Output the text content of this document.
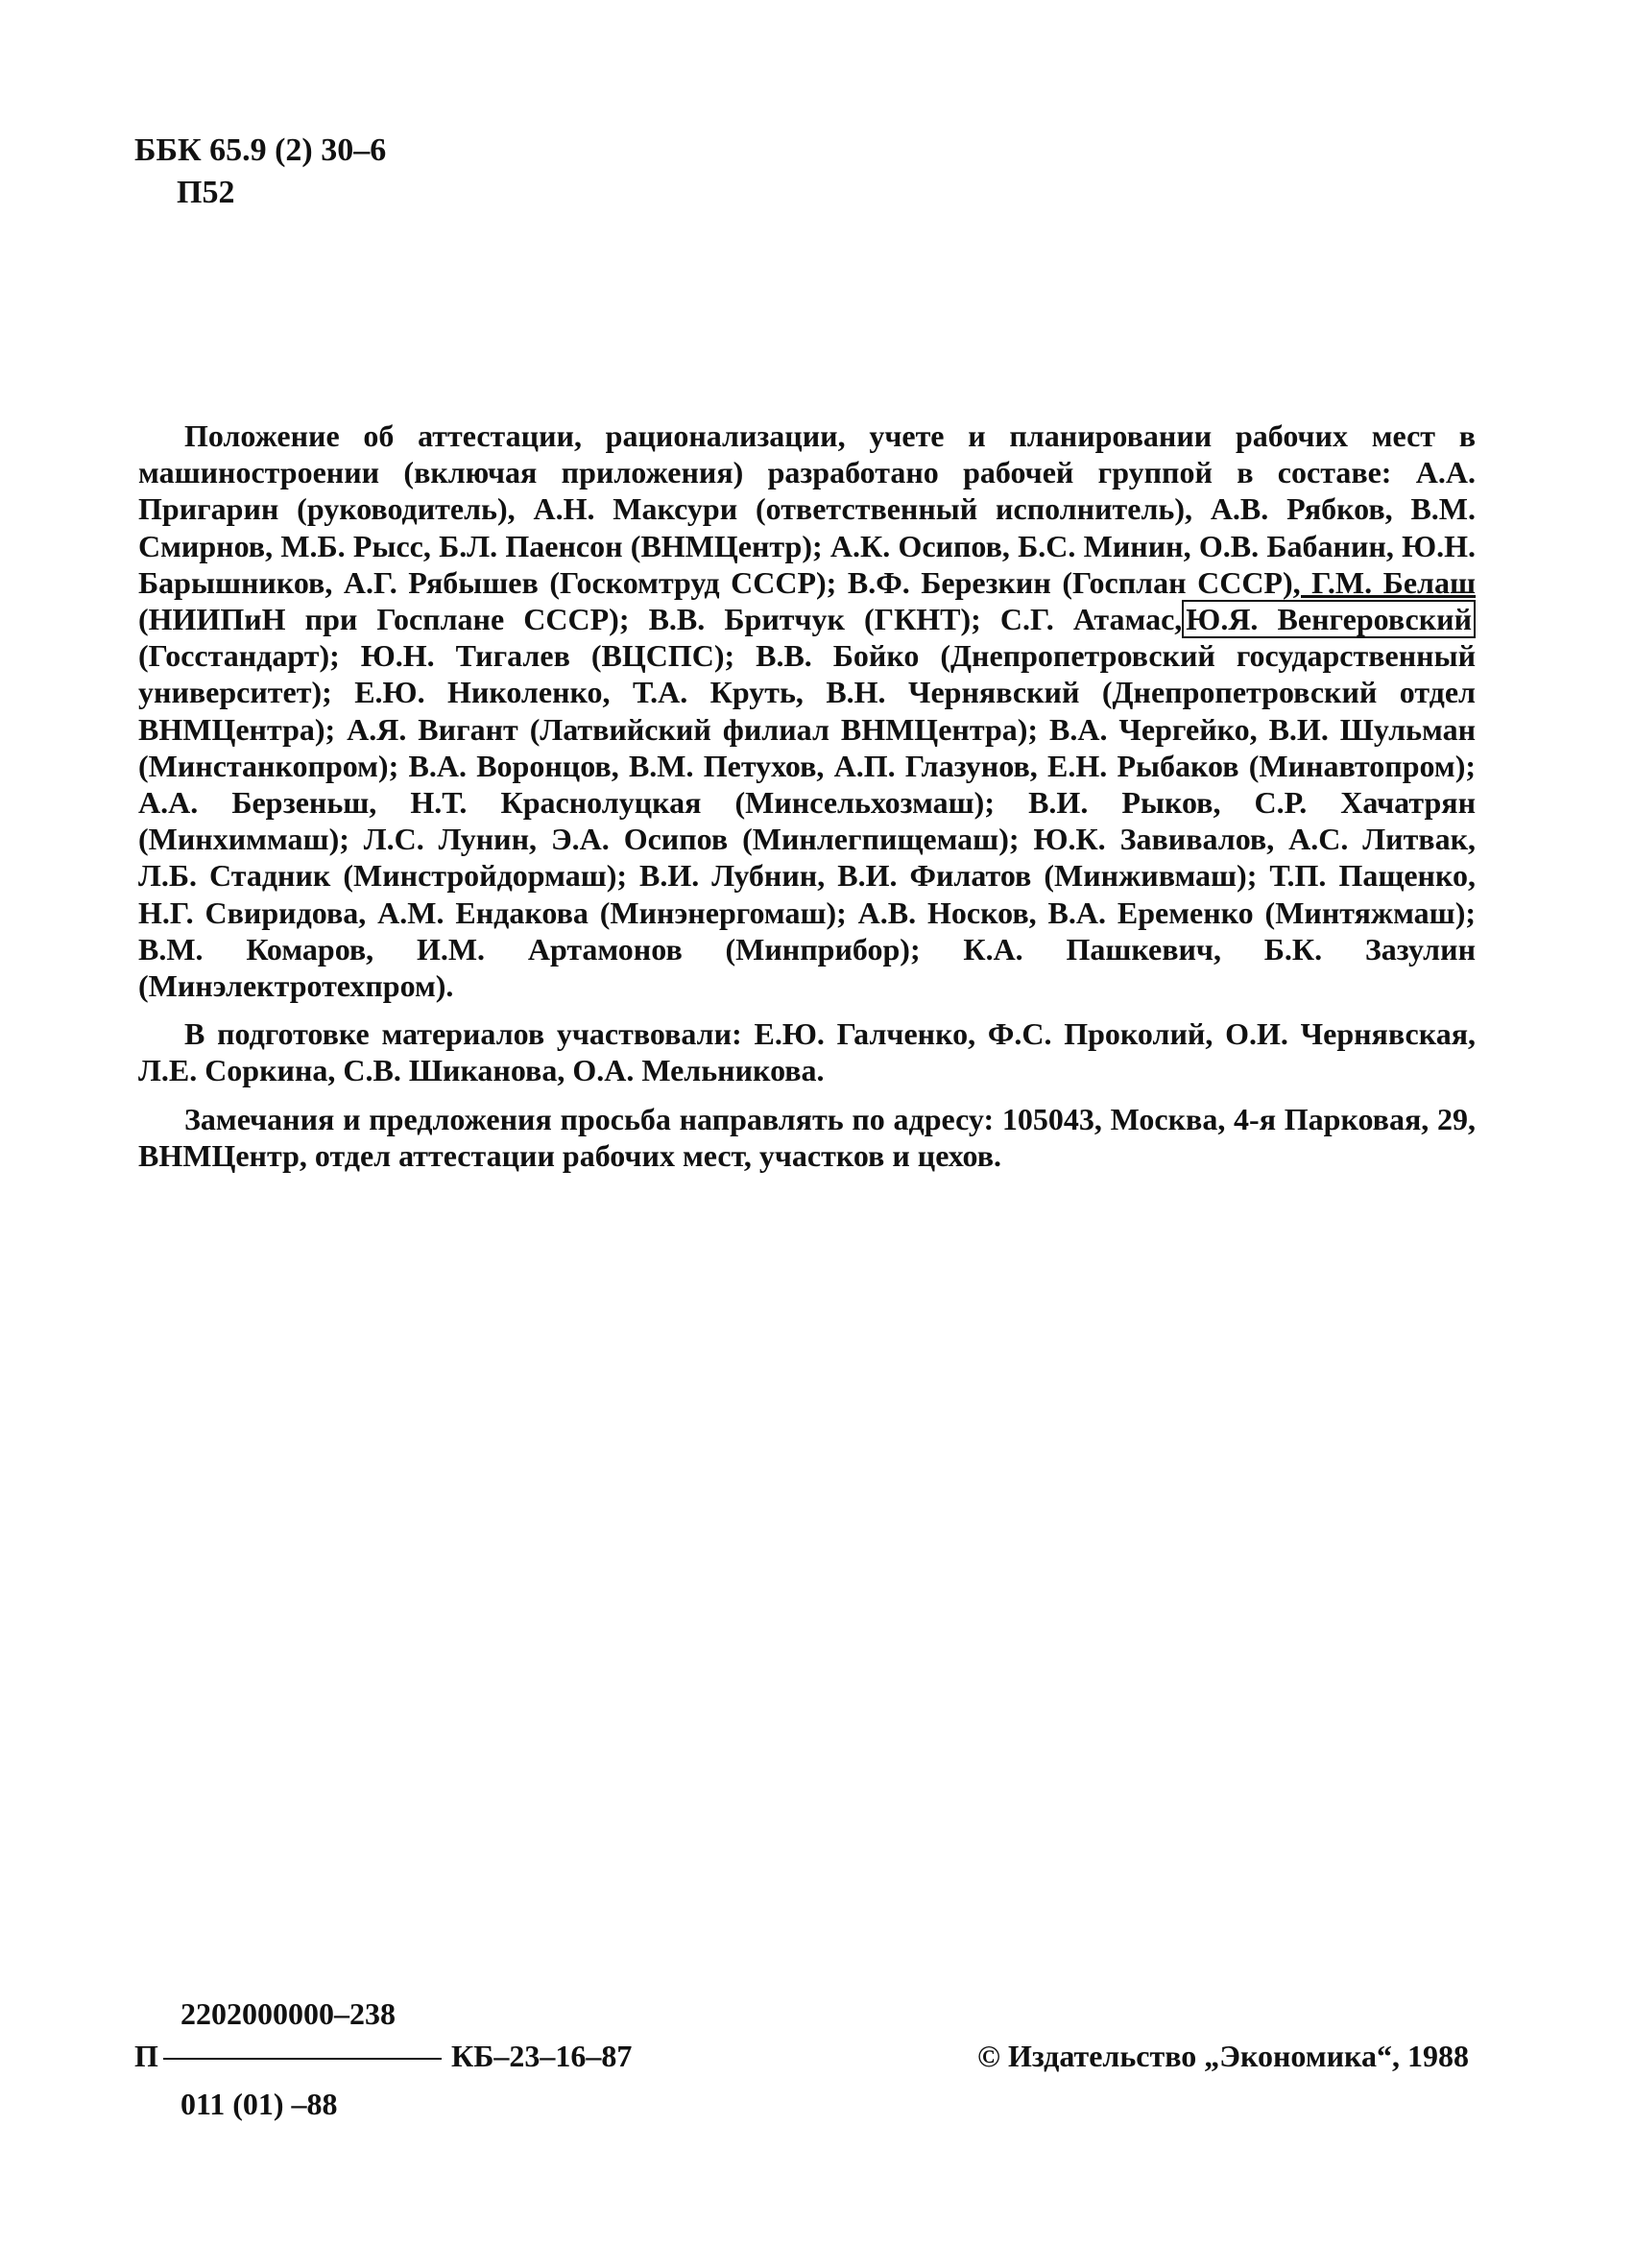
ББК 65.9 (2) 30–6
П52

Положение об аттестации, рационализации, учете и планировании рабочих мест в машиностроении (включая приложения) разработано рабочей группой в составе: А.А. Пригарин (руководитель), А.Н. Максури (ответственный исполнитель), А.В. Рябков, В.М. Смирнов, М.Б. Рысс, Б.Л. Паенсон (ВНМЦентр); А.К. Осипов, Б.С. Минин, О.В. Бабанин, Ю.Н. Барышников, А.Г. Рябышев (Госкомтруд СССР); В.Ф. Березкин (Госплан СССР), Г.М. Белаш (НИИПиН при Госплане СССР); В.В. Бритчук (ГКНТ); С.Г. Атамас, Ю.Я. Венгеровский (Госстандарт); Ю.Н. Тигалев (ВЦСПС); В.В. Бойко (Днепропетровский государственный университет); Е.Ю. Николенко, Т.А. Круть, В.Н. Чернявский (Днепропетровский отдел ВНМЦентра); А.Я. Вигант (Латвийский филиал ВНМЦентра); В.А. Чергейко, В.И. Шульман (Минстанкопром); В.А. Воронцов, В.М. Петухов, А.П. Глазунов, Е.Н. Рыбаков (Минавтопром); А.А. Берзеньш, Н.Т. Краснолуцкая (Минсельхозмаш); В.И. Рыков, С.Р. Хачатрян (Минхиммаш); Л.С. Лунин, Э.А. Осипов (Минлегпищемаш); Ю.К. Завивалов, А.С. Литвак, Л.Б. Стадник (Минстройдормаш); В.И. Лубнин, В.И. Филатов (Минживмаш); Т.П. Пащенко, Н.Г. Свиридова, А.М. Ендакова (Минэнергомаш); А.В. Носков, В.А. Еременко (Минтяжмаш); В.М. Комаров, И.М. Артамонов (Минприбор); К.А. Пашкевич, Б.К. Зазулин (Минэлектротехпром).

В подготовке материалов участвовали: Е.Ю. Галченко, Ф.С. Проколий, О.И. Чернявская, Л.Е. Соркина, С.В. Шиканова, О.А. Мельникова.

Замечания и предложения просьба направлять по адресу: 105043, Москва, 4-я Парковая, 29, ВНМЦентр, отдел аттестации рабочих мест, участков и цехов.

2202000000–238
П	КБ–23–16–87
011 (01) –88
© Издательство „Экономика“, 1988
